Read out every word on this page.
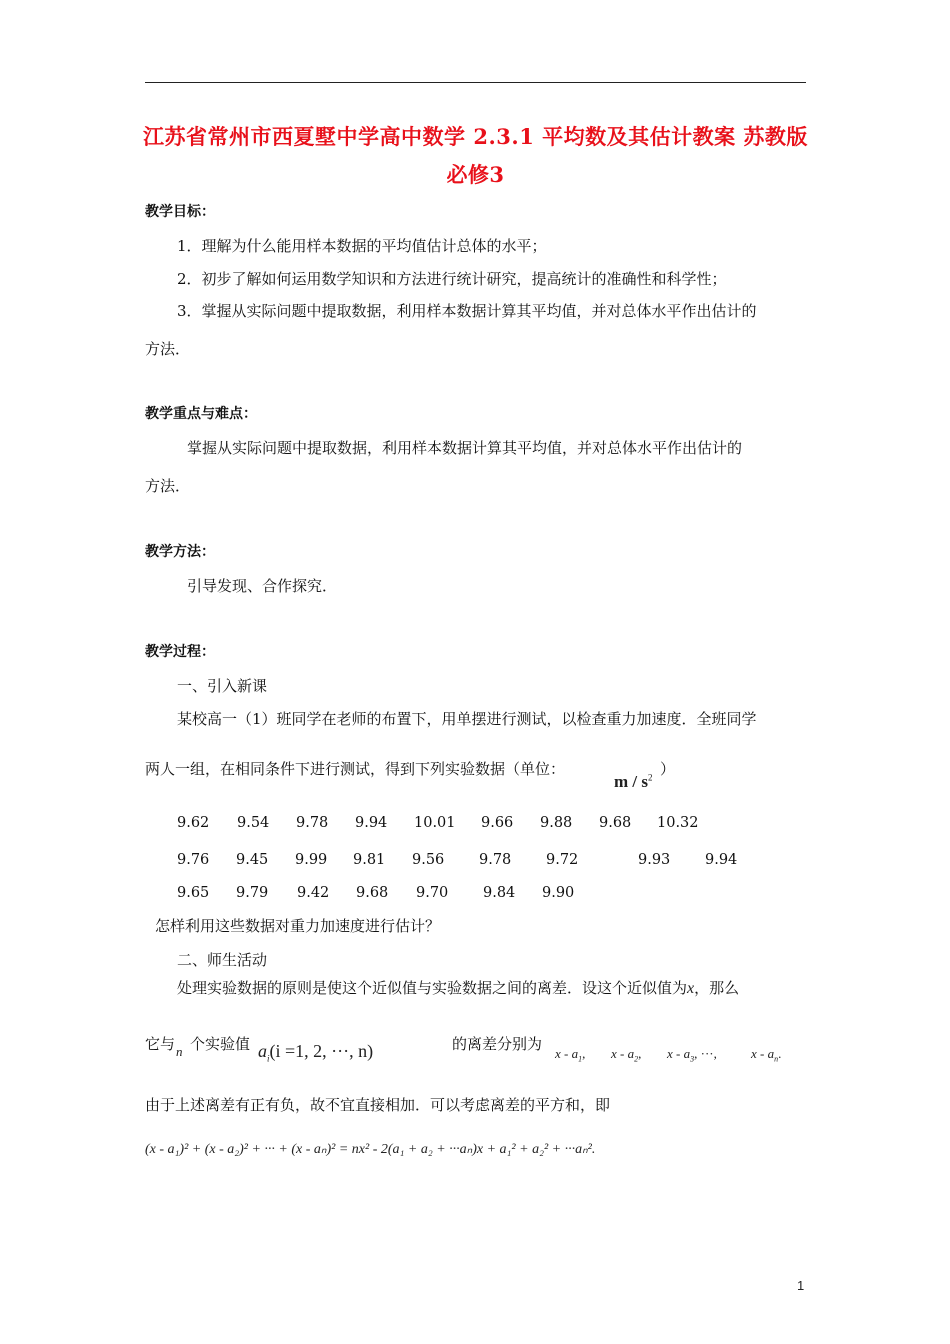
江苏省常州市西夏墅中学高中数学 2.3.1 平均数及其估计教案 苏教版必修3
教学目标：
1．理解为什么能用样本数据的平均值估计总体的水平；
2．初步了解如何运用数学知识和方法进行统计研究，提高统计的准确性和科学性；
3．掌握从实际问题中提取数据，利用样本数据计算其平均值，并对总体水平作出估计的
方法．
教学重点与难点：
掌握从实际问题中提取数据，利用样本数据计算其平均值，并对总体水平作出估计的
方法．
教学方法：
引导发现、合作探究．
教学过程：
一、引入新课
某校高一（1）班同学在老师的布置下，用单摆进行测试，以检查重力加速度．全班同学
两人一组，在相同条件下进行测试，得到下列实验数据（单位：
m / $s^2$ ）
9.62 9.54 9.78 9.94 10.01 9.66 9.88 9.68 10.32
9.76 9.45 9.99 9.81 9.56 9.78 9.72	9.93 9.94
9.65 9.79 9.42 9.68 9.70 9.84 9.90
怎样利用这些数据对重力加速度进行估计？
二、师生活动
处理实验数据的原则是使这个近似值与实验数据之间的离差．设这个近似值为x，那么
它与 n 个实验值 $a_i(i =1$, 2, ···, n)	的离差分别为
x - $a_1$, x - $a_2$, x - $a_3$, ···,	x - $a_n$.
由于上述离差有正有负，故不宜直接相加．可以考虑离差的平方和，即
(x - a₁)² + (x - a₂)² + ··· + (x - aₙ)² = nx² - 2(a₁ + a₂ + ···aₙ)x + a₁² + a₂² + ···aₙ².
1
